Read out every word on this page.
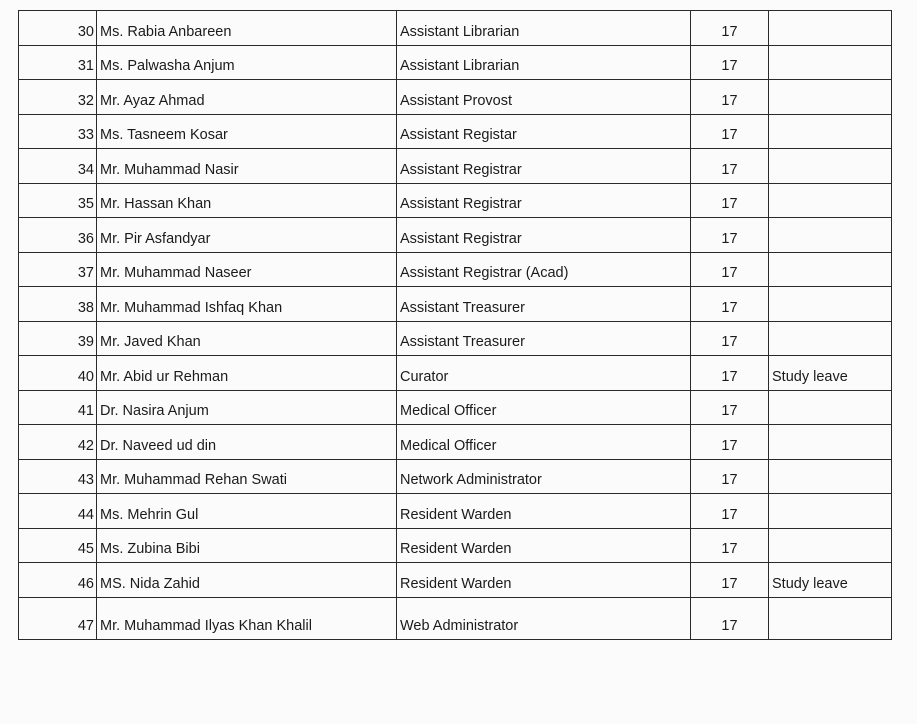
30	Ms. Rabia Anbareen	Assistant Librarian	17	
31	Ms. Palwasha Anjum	Assistant Librarian	17	
32	Mr. Ayaz Ahmad	Assistant Provost	17	
33	Ms. Tasneem Kosar	Assistant Registar	17	
34	Mr. Muhammad Nasir	Assistant Registrar	17	
35	Mr. Hassan Khan	Assistant Registrar	17	
36	Mr. Pir Asfandyar	Assistant Registrar	17	
37	Mr. Muhammad Naseer	Assistant Registrar (Acad)	17	
38	Mr. Muhammad Ishfaq Khan	Assistant Treasurer	17	
39	Mr. Javed Khan	Assistant Treasurer	17	
40	Mr. Abid ur Rehman	Curator	17	Study leave
41	Dr. Nasira Anjum	Medical Officer	17	
42	Dr. Naveed ud din	Medical Officer	17	
43	Mr. Muhammad Rehan Swati	Network Administrator	17	
44	Ms. Mehrin Gul	Resident Warden	17	
45	Ms. Zubina Bibi	Resident Warden	17	
46	MS. Nida Zahid	Resident Warden	17	Study leave
47	Mr. Muhammad Ilyas Khan Khalil	Web Administrator	17	
